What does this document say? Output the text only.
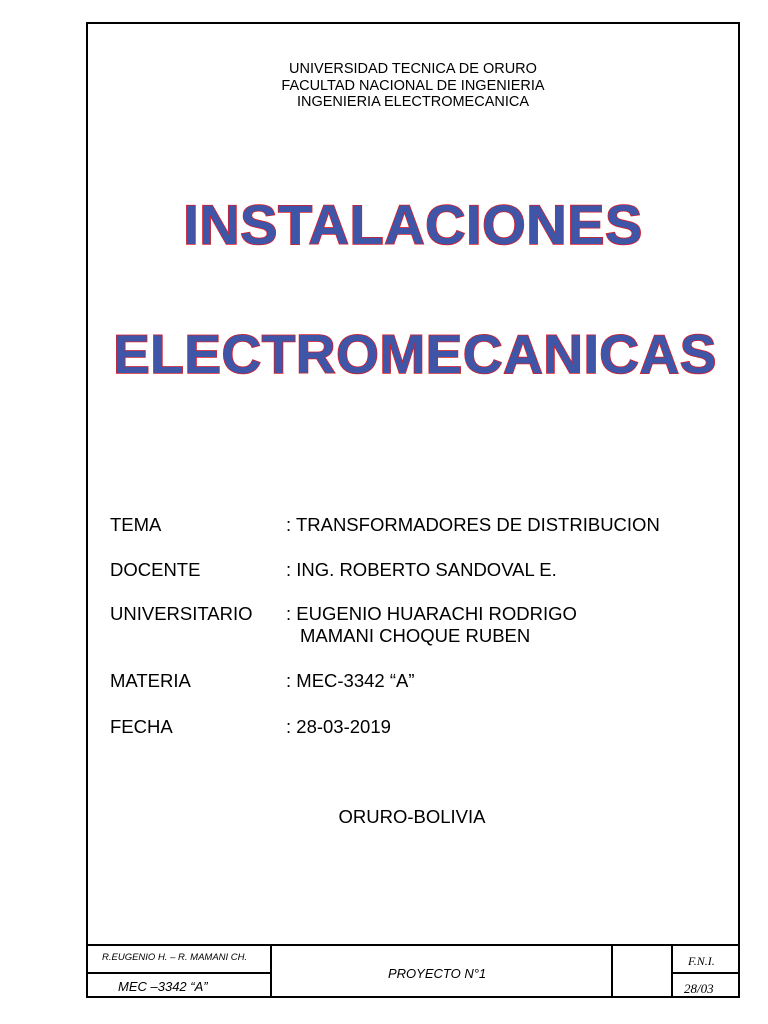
UNIVERSIDAD TECNICA DE ORURO
FACULTAD NACIONAL DE INGENIERIA
INGENIERIA ELECTROMECANICA
INSTALACIONES
ELECTROMECANICAS
TEMA	: TRANSFORMADORES DE DISTRIBUCION
DOCENTE	: ING. ROBERTO SANDOVAL E.
UNIVERSITARIO : EUGENIO HUARACHI RODRIGO
MAMANI CHOQUE RUBEN
MATERIA	: MEC-3342 “A”
FECHA	: 28-03-2019
ORURO-BOLIVIA
R.EUGENIO H. – R. MAMANI CH.
MEC –3342 “A”
PROYECTO N°1
F.N.I.
28/03
